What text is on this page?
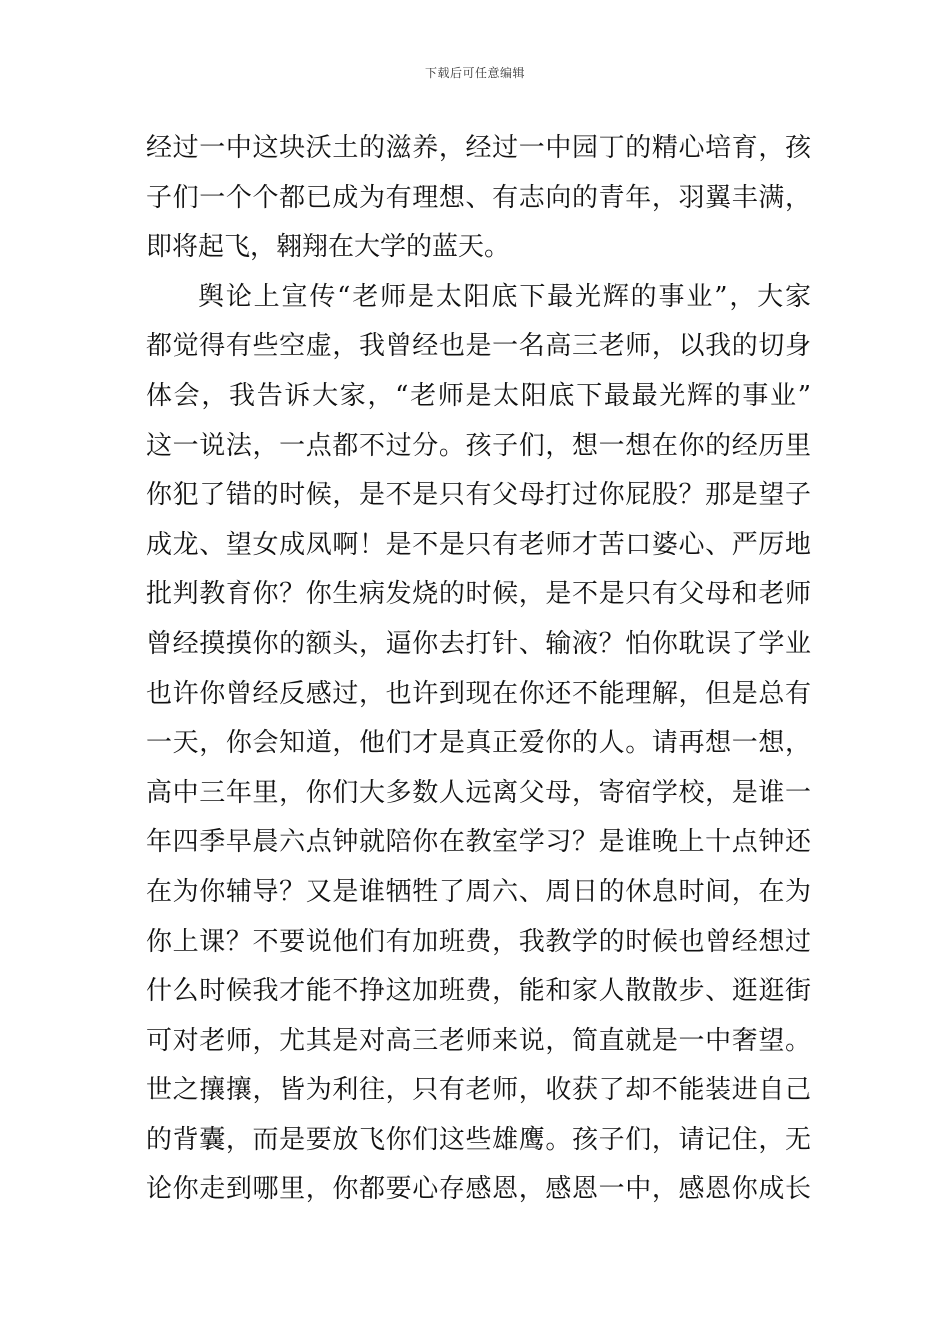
下载后可任意编辑
经过一中这块沃土的滋养，经过一中园丁的精心培育，孩
子们一个个都已成为有理想、有志向的青年，羽翼丰满，
即将起飞，翱翔在大学的蓝天。
舆论上宣传“老师是太阳底下最光辉的事业”，大家
都觉得有些空虚，我曾经也是一名高三老师，以我的切身
体会，我告诉大家，“老师是太阳底下最最光辉的事业”
这一说法，一点都不过分。孩子们，想一想在你的经历里
你犯了错的时候，是不是只有父母打过你屁股？那是望子
成龙、望女成凤啊！是不是只有老师才苦口婆心、严厉地
批判教育你？你生病发烧的时候，是不是只有父母和老师
曾经摸摸你的额头，逼你去打针、输液？怕你耽误了学业
也许你曾经反感过，也许到现在你还不能理解，但是总有
一天，你会知道，他们才是真正爱你的人。请再想一想，
高中三年里，你们大多数人远离父母，寄宿学校，是谁一
年四季早晨六点钟就陪你在教室学习？是谁晚上十点钟还
在为你辅导？又是谁牺牲了周六、周日的休息时间，在为
你上课？不要说他们有加班费，我教学的时候也曾经想过
什么时候我才能不挣这加班费，能和家人散散步、逛逛街
可对老师，尤其是对高三老师来说，简直就是一中奢望。
世之攘攘，皆为利往，只有老师，收获了却不能装进自己
的背囊，而是要放飞你们这些雄鹰。孩子们，请记住，无
论你走到哪里，你都要心存感恩，感恩一中，感恩你成长
